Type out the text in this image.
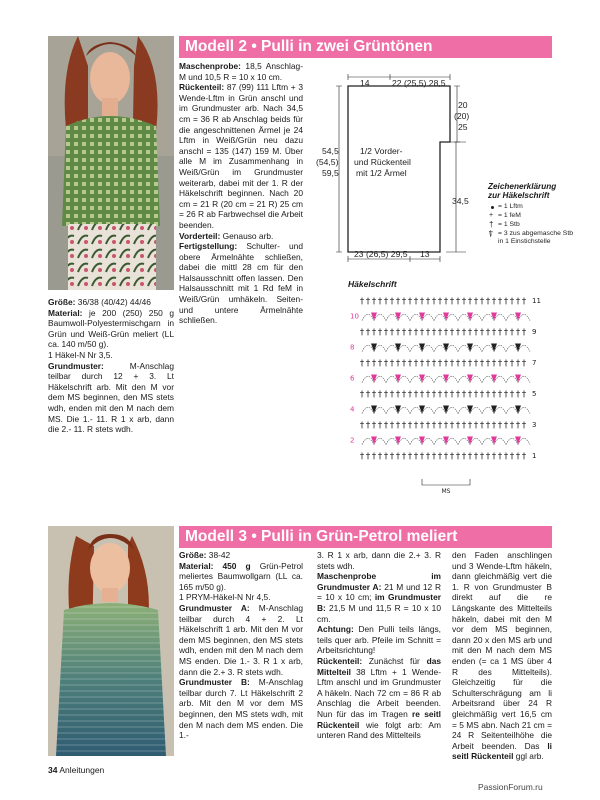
Modell 2 • Pulli in zwei Grüntönen

Größe: 36/38 (40/42) 44/46

Material: je 200 (250) 250 g Baumwoll-Polyestermischgarn in Grün und Weiß-Grün meliert (LL ca. 140 m/50 g).

1 Häkel-N Nr 3,5.

Grundmuster:	M-Anschlag teilbar durch 12 + 3. Lt Häkelschrift arb. Mit den M vor dem MS beginnen, den MS stets wdh, enden mit den M nach dem MS. Die 1.- 11. R 1 x arb, dann die 2.- 11. R stets wdh.

Maschenprobe: 18,5 Anschlag-M und 10,5 R = 10 x 10 cm.

Rückenteil: 87 (99) 111 Lftm + 3 Wende-Lftm in Grün anschl und im Grundmuster arb. Nach 34,5 cm = 36 R ab Anschlag beids für die angeschnittenen Ärmel je 24 Lftm in Weiß/Grün neu dazu anschl = 135 (147) 159 M. Über alle M im Zusammenhang in Weiß/Grün im Grundmuster weiterarb, dabei mit der 1. R der Häkelschrift beginnen. Nach 20 cm = 21 R (20 cm = 21 R) 25 cm = 26 R ab Farbwechsel die Arbeit beenden.

Vorderteil: Genauso arb.

Fertigstellung: Schulter- und obere Ärmelnähte schließen, dabei die mittl 28 cm für den Halsausschnitt offen lassen. Den Halsausschnitt mit 1 Rd feM in Weiß/Grün umhäkeln. Seiten- und untere Ärmelnähte schließen.

14	22 (25,5) 28,5
20
(20)
25
54,5
(54,5)
59,5
34,5
1/2 Vorder-
und Rückenteil
mit 1/2 Ärmel
23 (26,5) 29,5 13
Zeichenerklärung
zur Häkelschrift
= 1 Lftm
+ = 1 feM
† = 1 Stb
⍒ = 3 zus abgemasche Stb in 1 Einstichstelle
Häkelschrift
† † † † † † † † † † † † † † † † † † † † † † † † † † † †
† † † † † † † † † † † † † † † † † † † † † † † † † † † †
† † † † † † † † † † † † † † † † † † † † † † † † † † † †
† † † † † † † † † † † † † † † † † † † † † † † † † † † †
† † † † † † † † † † † † † † † † † † † † † † † † † † † †
† † † † † † † † † † † † † † † † † † † † † † † † † † † †
10
8
6
4
2
11
9
7
5
3
1
MS
Modell 3 • Pulli in Grün-Petrol meliert

Größe: 38-42

Material: 450 g Grün-Petrol meliertes Baumwollgarn (LL ca. 165 m/50 g).

1 PRYM-Häkel-N Nr 4,5.

Grundmuster A: M-Anschlag teilbar durch 4 + 2. Lt Häkelschrift 1 arb. Mit den M vor dem MS beginnen, den MS stets wdh, enden mit den M nach dem MS enden. Die 1.- 3. R 1 x arb, dann die 2.+ 3. R stets wdh.

Grundmuster B: M-Anschlag teilbar durch 7. Lt Häkelschrift 2 arb. Mit den M vor dem MS beginnen, den MS stets wdh, mit den M nach dem MS enden. Die 1.-

3. R 1 x arb, dann die 2.+ 3. R stets wdh.

Maschenprobe im Grundmuster A: 21 M und 12 R = 10 x 10 cm; im Grundmuster B: 21,5 M und 11,5 R = 10 x 10 cm.

Achtung: Den Pulli teils längs, teils quer arb. Pfeile im Schnitt = Arbeitsrichtung!

Rückenteil: Zunächst für das Mittelteil 38 Lftm + 1 Wende-Lftm anschl und im Grundmuster A häkeln. Nach 72 cm = 86 R ab Anschlag die Arbeit beenden. Nun für das im Tragen re seitl Rückenteil wie folgt arb: Am unteren Rand des Mittelteils

den Faden anschlingen und 3 Wende-Lftm häkeln, dann gleichmäßig vert die 1. R von Grundmuster B direkt auf die re Längskante des Mittelteils häkeln, dabei mit den M vor dem MS beginnen, dann 20 x den MS arb und mit den M nach dem MS enden (= ca 1 MS über 4 R des Mittelteils). Gleichzeitig für die Schulterschrägung am li Arbeitsrand über 24 R gleichmäßig vert 16,5 cm = 5 MS abn. Nach 21 cm = 24 R Seitenteilhöhe die Arbeit beenden. Das li seitl Rückenteil ggl arb.

34 Anleitungen
PassionForum.ru
